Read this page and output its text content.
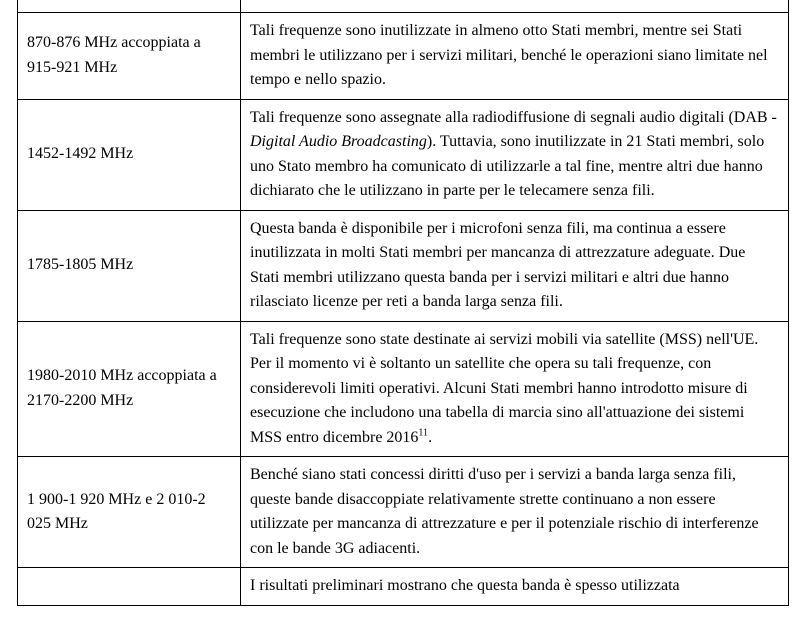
870-876 MHz accoppiata a 915-921 MHz	Tali frequenze sono inutilizzate in almeno otto Stati membri, mentre sei Stati membri le utilizzano per i servizi militari, benché le operazioni siano limitate nel tempo e nello spazio.
1452-1492 MHz	Tali frequenze sono assegnate alla radiodiffusione di segnali audio digitali (DAB - Digital Audio Broadcasting). Tuttavia, sono inutilizzate in 21 Stati membri, solo uno Stato membro ha comunicato di utilizzarle a tal fine, mentre altri due hanno dichiarato che le utilizzano in parte per le telecamere senza fili.
1785-1805 MHz	Questa banda è disponibile per i microfoni senza fili, ma continua a essere inutilizzata in molti Stati membri per mancanza di attrezzature adeguate. Due Stati membri utilizzano questa banda per i servizi militari e altri due hanno rilasciato licenze per reti a banda larga senza fili.
1980-2010 MHz accoppiata a 2170-2200 MHz	Tali frequenze sono state destinate ai servizi mobili via satellite (MSS) nell'UE. Per il momento vi è soltanto un satellite che opera su tali frequenze, con considerevoli limiti operativi. Alcuni Stati membri hanno introdotto misure di esecuzione che includono una tabella di marcia sino all'attuazione dei sistemi MSS entro dicembre 2016$^{11}$.
1 900-1 920 MHz e 2 010-2 025 MHz	Benché siano stati concessi diritti d'uso per i servizi a banda larga senza fili, queste bande disaccoppiate relativamente strette continuano a non essere utilizzate per mancanza di attrezzature e per il potenziale rischio di interferenze con le bande 3G adiacenti.
	I risultati preliminari mostrano che questa banda è spesso utilizzata
